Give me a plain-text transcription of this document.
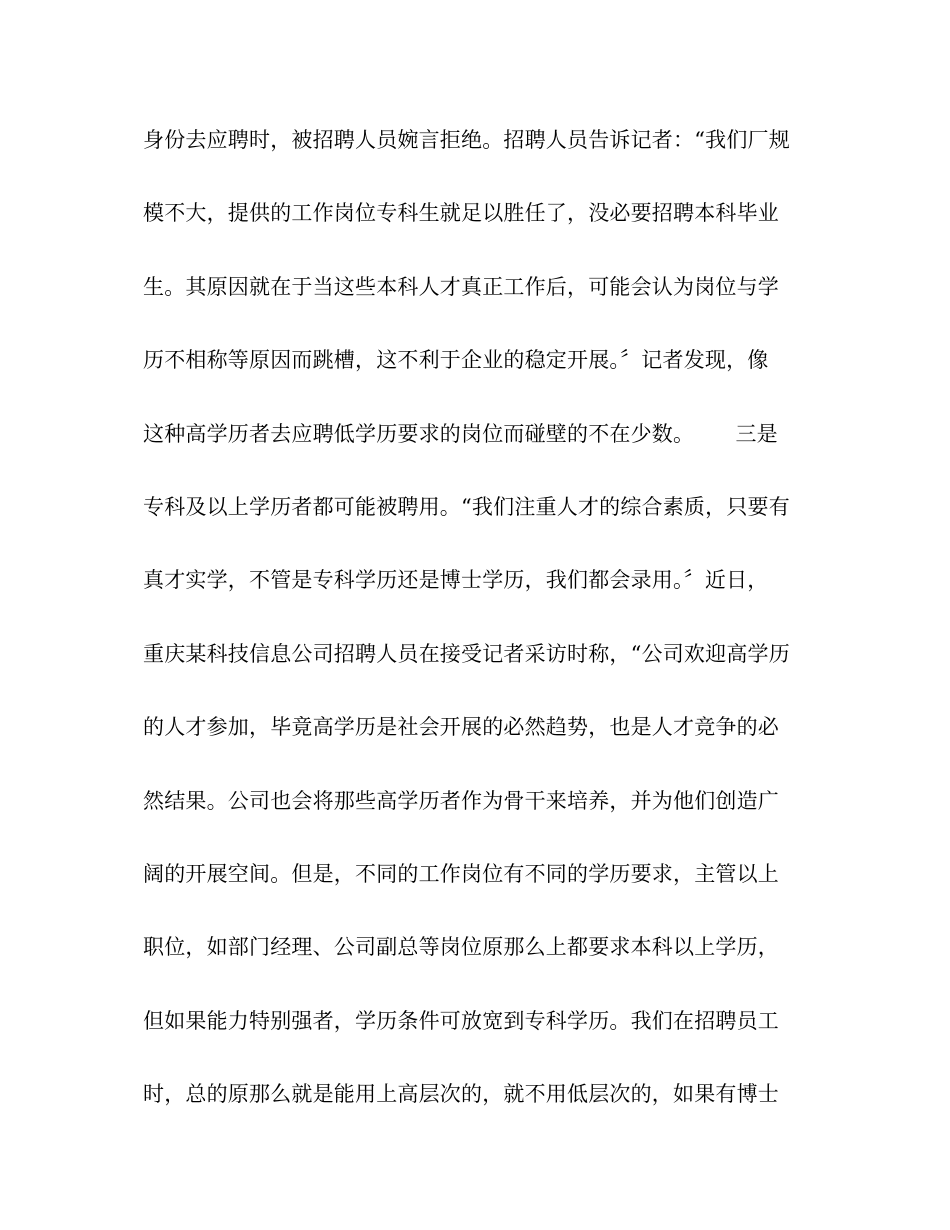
身份去应聘时，被招聘人员婉言拒绝。招聘人员告诉记者：“我们厂规
模不大，提供的工作岗位专科生就足以胜任了，没必要招聘本科毕业
生。其原因就在于当这些本科人才真正工作后，可能会认为岗位与学
历不相称等原因而跳槽，这不利于企业的稳定开展。〞记者发现，像
这种高学历者去应聘低学历要求的岗位而碰壁的不在少数。      三是
专科及以上学历者都可能被聘用。“我们注重人才的综合素质，只要有
真才实学，不管是专科学历还是博士学历，我们都会录用。〞近日，
重庆某科技信息公司招聘人员在接受记者采访时称，“公司欢迎高学历
的人才参加，毕竟高学历是社会开展的必然趋势，也是人才竞争的必
然结果。公司也会将那些高学历者作为骨干来培养，并为他们创造广
阔的开展空间。但是，不同的工作岗位有不同的学历要求，主管以上
职位，如部门经理、公司副总等岗位原那么上都要求本科以上学历，
但如果能力特别强者，学历条件可放宽到专科学历。我们在招聘员工
时，总的原那么就是能用上高层次的，就不用低层次的，如果有博士
